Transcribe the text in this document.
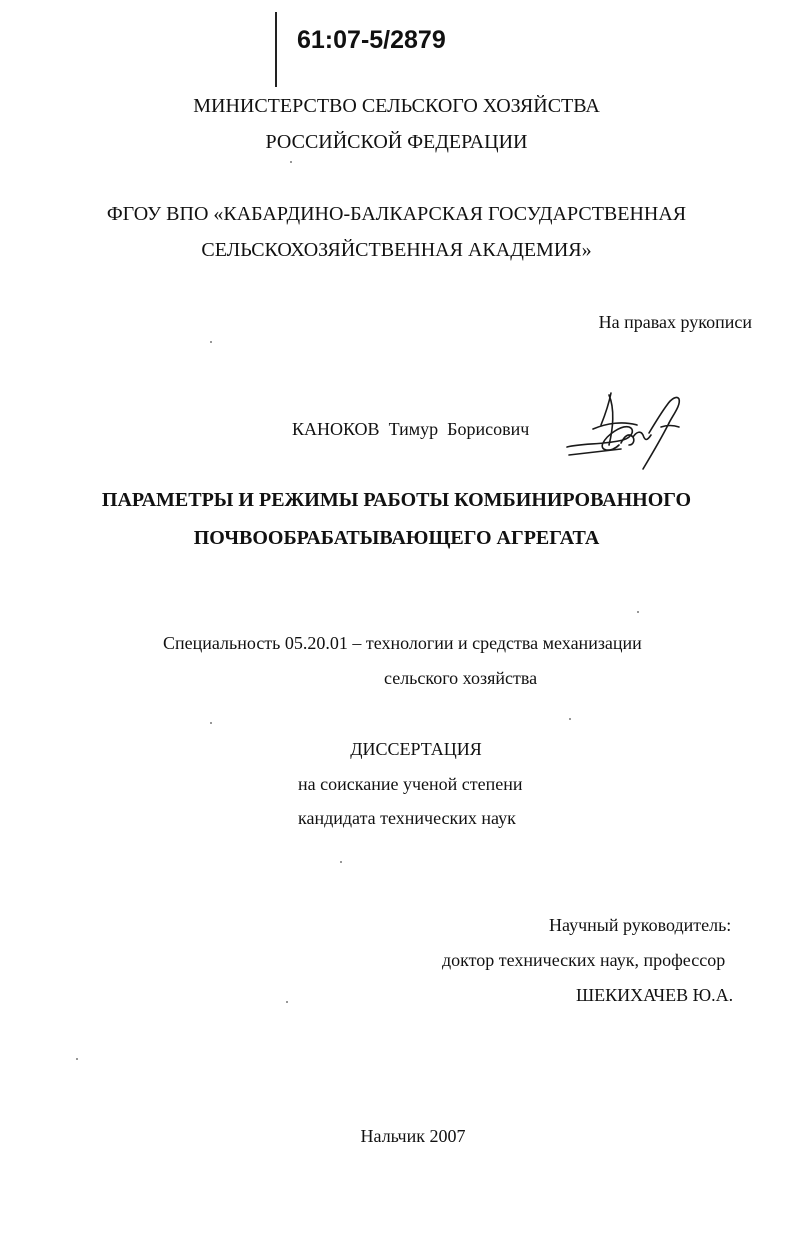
61:07-5/2879
МИНИСТЕРСТВО СЕЛЬСКОГО ХОЗЯЙСТВА
РОССИЙСКОЙ ФЕДЕРАЦИИ
ФГОУ ВПО «КАБАРДИНО-БАЛКАРСКАЯ ГОСУДАРСТВЕННАЯ
СЕЛЬСКОХОЗЯЙСТВЕННАЯ АКАДЕМИЯ»
На правах рукописи
КАНОКОВ Тимур Борисович
ПАРАМЕТРЫ И РЕЖИМЫ РАБОТЫ КОМБИНИРОВАННОГО
ПОЧВООБРАБАТЫВАЮЩЕГО АГРЕГАТА
Специальность 05.20.01 – технологии и средства механизации
сельского хозяйства
ДИССЕРТАЦИЯ
на соискание ученой степени
кандидата технических наук
Научный руководитель:
доктор технических наук, профессор
ШЕКИХАЧЕВ Ю.А.
Нальчик 2007
